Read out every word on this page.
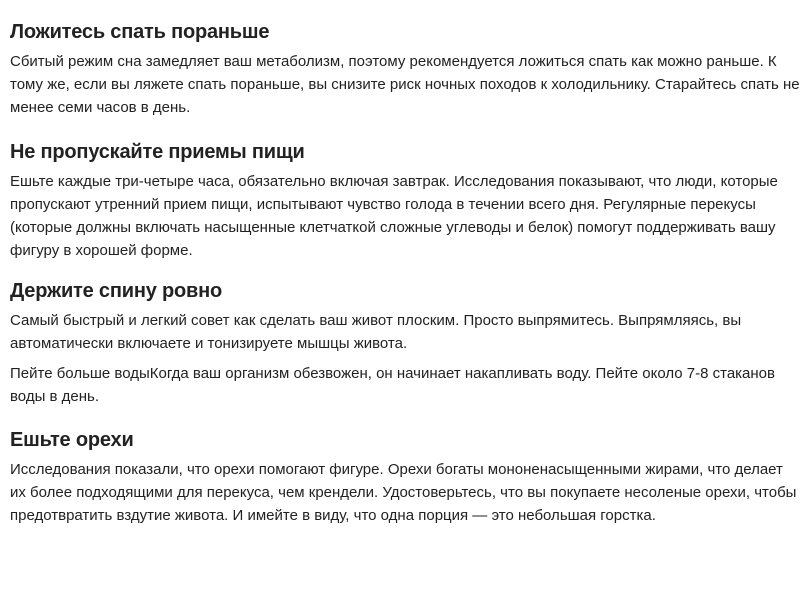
Ложитесь спать пораньше

Сбитый режим сна замедляет ваш метаболизм, поэтому рекомендуется ложиться спать как можно раньше. К тому же, если вы ляжете спать пораньше, вы снизите риск ночных походов к холодильнику. Старайтесь спать не менее семи часов в день.

Не пропускайте приемы пищи

Ешьте каждые три-четыре часа, обязательно включая завтрак. Исследования показывают, что люди, которые пропускают утренний прием пищи, испытывают чувство голода в течении всего дня. Регулярные перекусы (которые должны включать насыщенные клетчаткой сложные углеводы и белок) помогут поддерживать вашу фигуру в хорошей форме.

Держите спину ровно

Самый быстрый и легкий совет как сделать ваш живот плоским. Просто выпрямитесь. Выпрямляясь, вы автоматически включаете и тонизируете мышцы живота.

Пейте больше водыКогда ваш организм обезвожен, он начинает накапливать воду. Пейте около 7-8 стаканов воды в день.

Ешьте орехи

Исследования показали, что орехи помогают фигуре. Орехи богаты мононенасыщенными жирами, что делает их более подходящими для перекуса, чем крендели. Удостоверьтесь, что вы покупаете несоленые орехи, чтобы предотвратить вздутие живота. И имейте в виду, что одна порция — это небольшая горстка.
